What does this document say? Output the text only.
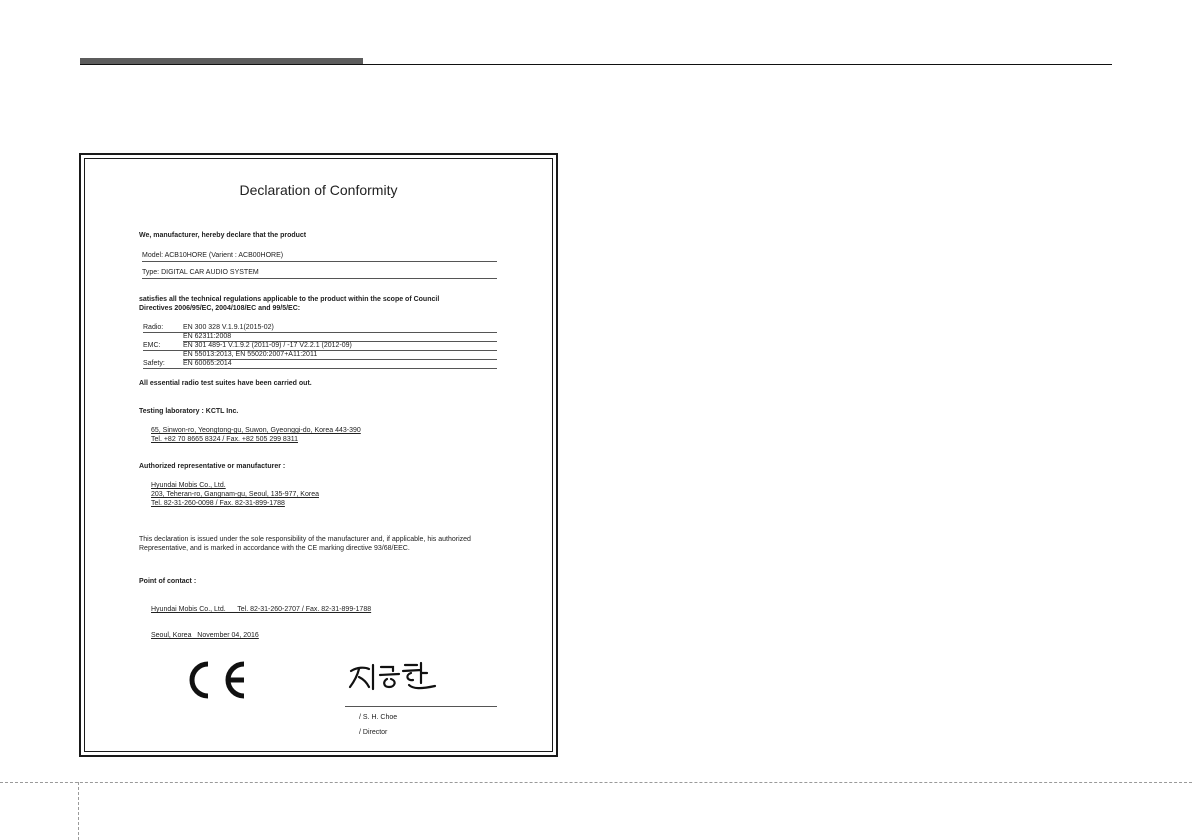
Declaration of Conformity
We, manufacturer, hereby declare that the product
Model: ACB10HORE (Varient : ACB00HORE)
Type: DIGITAL CAR AUDIO SYSTEM
satisfies all the technical regulations applicable to the product within the scope of Council
Directives 2006/95/EC, 2004/108/EC and 99/5/EC:
Radio:	EN 300 328 V.1.9.1(2015-02)
EN 62311:2008
EMC:	EN 301 489-1 V.1.9.2 (2011-09) / -17 V2.2.1 (2012-09)
EN 55013:2013, EN 55020:2007+A11:2011
Safety:	EN 60065:2014
All essential radio test suites have been carried out.
Testing laboratory : KCTL Inc.
65, Sinwon-ro, Yeongtong-gu, Suwon, Gyeonggi-do, Korea 443-390
Tel. +82 70 8665 8324 / Fax. +82 505 299 8311
Authorized representative or manufacturer :
Hyundai Mobis Co., Ltd.
203, Teheran-ro, Gangnam-gu, Seoul, 135-977, Korea
Tel. 82-31-260-0098 / Fax. 82-31-899-1788
This declaration is issued under the sole responsibility of the manufacturer and, if applicable, his authorized
Representative, and is marked in accordance with the CE marking directive 93/68/EEC.
Point of contact :
Hyundai Mobis Co., Ltd.      Tel. 82-31-260-2707 / Fax. 82-31-899-1788
Seoul, Korea   November 04, 2016
/ S. H. Choe
/ Director
